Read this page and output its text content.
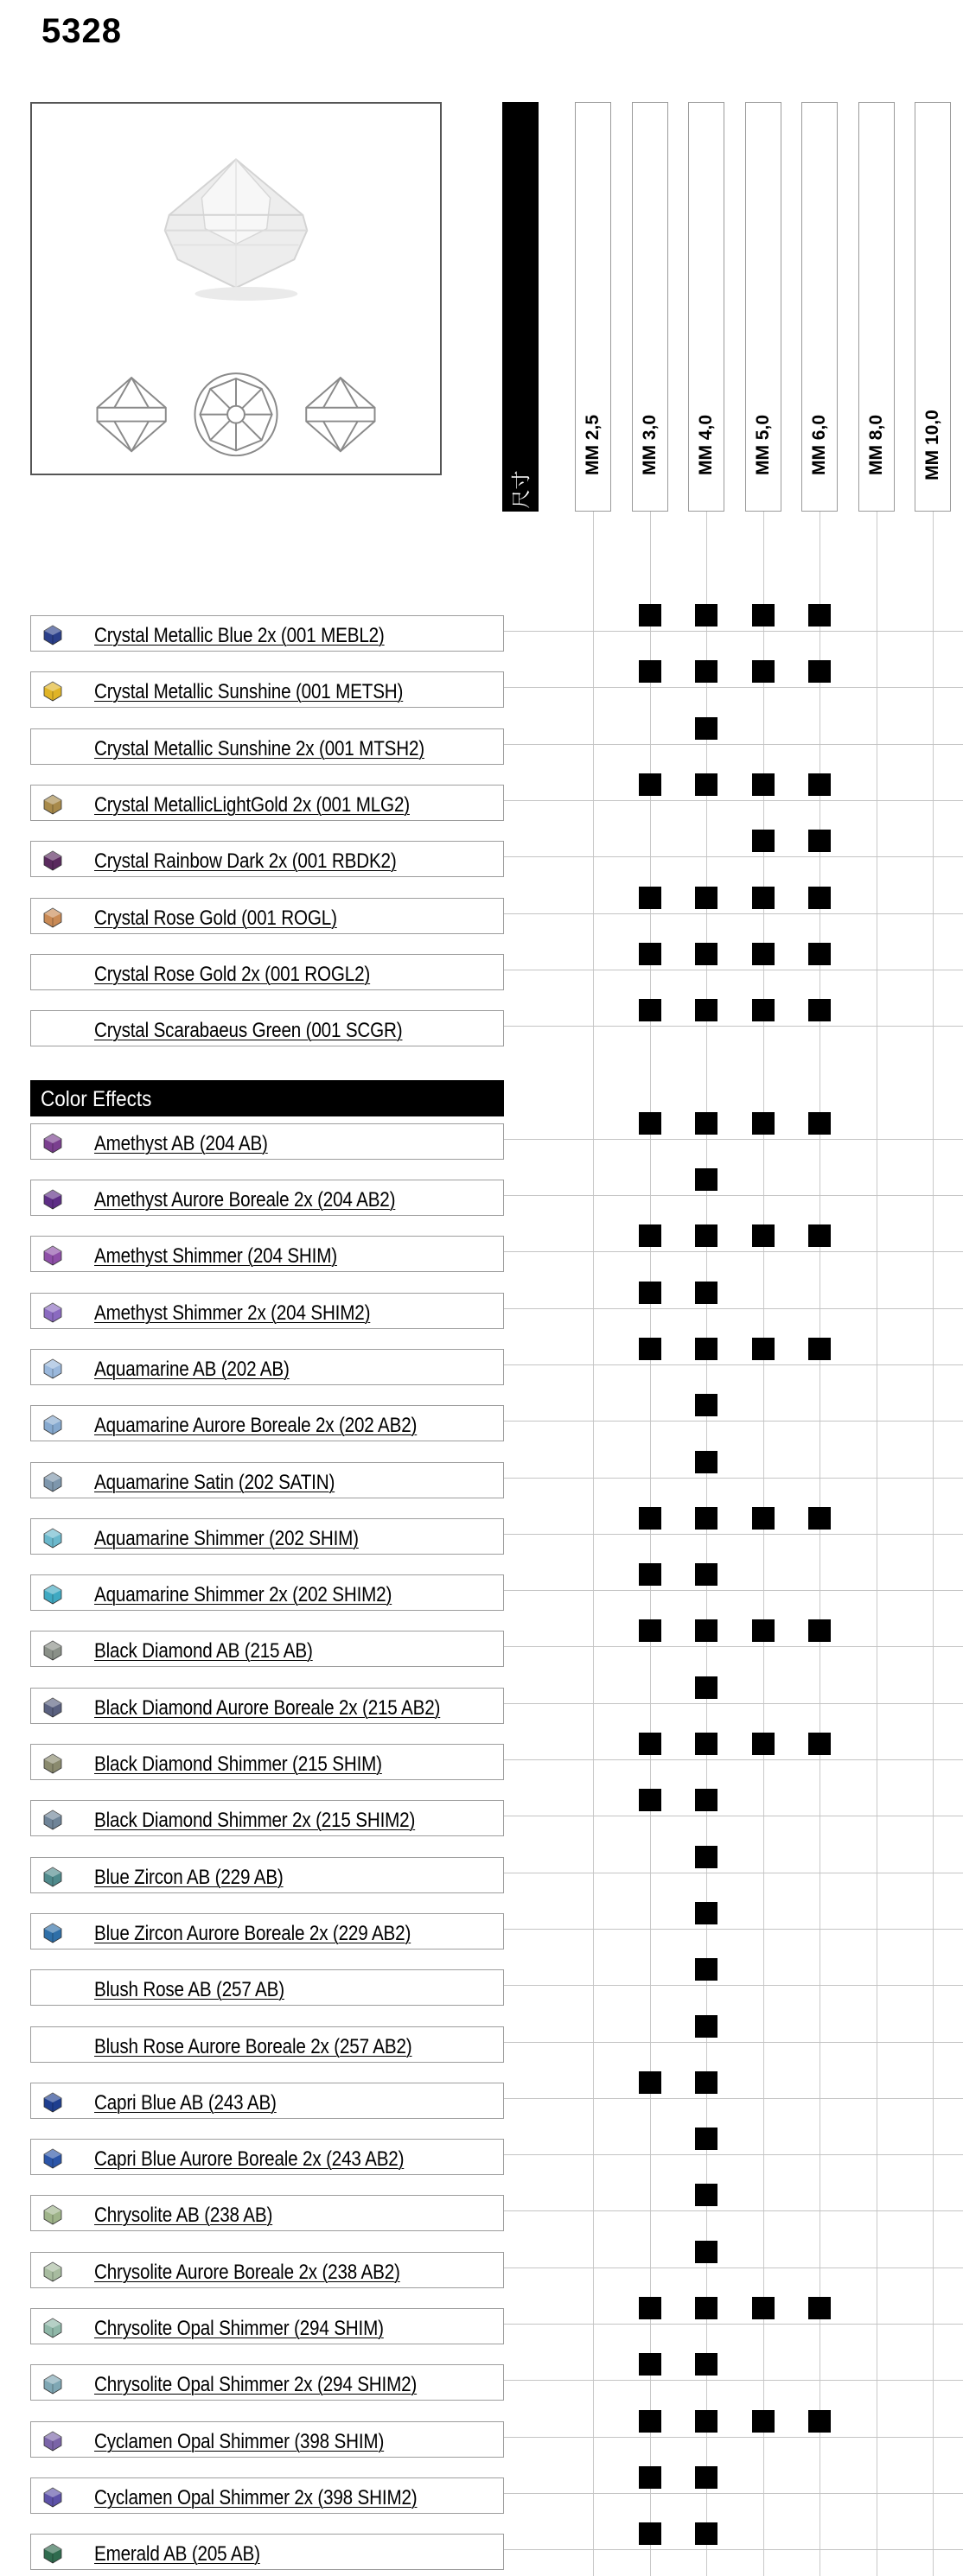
5328
尺寸
MM 2,5 MM 3,0 MM 4,0 MM 5,0 MM 6,0 MM 8,0 MM 10,0
Crystal Metallic Blue 2x (001 MEBL2)
Crystal Metallic Sunshine (001 METSH)
Crystal Metallic Sunshine 2x (001 MTSH2)
Crystal MetallicLightGold 2x (001 MLG2)
Crystal Rainbow Dark 2x (001 RBDK2)
Crystal Rose Gold (001 ROGL)
Crystal Rose Gold 2x (001 ROGL2)
Crystal Scarabaeus Green (001 SCGR)
Color Effects
Amethyst AB (204 AB)
Amethyst Aurore Boreale 2x (204 AB2)
Amethyst Shimmer (204 SHIM)
Amethyst Shimmer 2x (204 SHIM2)
Aquamarine AB (202 AB)
Aquamarine Aurore Boreale 2x (202 AB2)
Aquamarine Satin (202 SATIN)
Aquamarine Shimmer (202 SHIM)
Aquamarine Shimmer 2x (202 SHIM2)
Black Diamond AB (215 AB)
Black Diamond Aurore Boreale 2x (215 AB2)
Black Diamond Shimmer (215 SHIM)
Black Diamond Shimmer 2x (215 SHIM2)
Blue Zircon AB (229 AB)
Blue Zircon Aurore Boreale 2x (229 AB2)
Blush Rose AB (257 AB)
Blush Rose Aurore Boreale 2x (257 AB2)
Capri Blue AB (243 AB)
Capri Blue Aurore Boreale 2x (243 AB2)
Chrysolite AB (238 AB)
Chrysolite Aurore Boreale 2x (238 AB2)
Chrysolite Opal Shimmer (294 SHIM)
Chrysolite Opal Shimmer 2x (294 SHIM2)
Cyclamen Opal Shimmer (398 SHIM)
Cyclamen Opal Shimmer 2x (398 SHIM2)
Emerald AB (205 AB)
